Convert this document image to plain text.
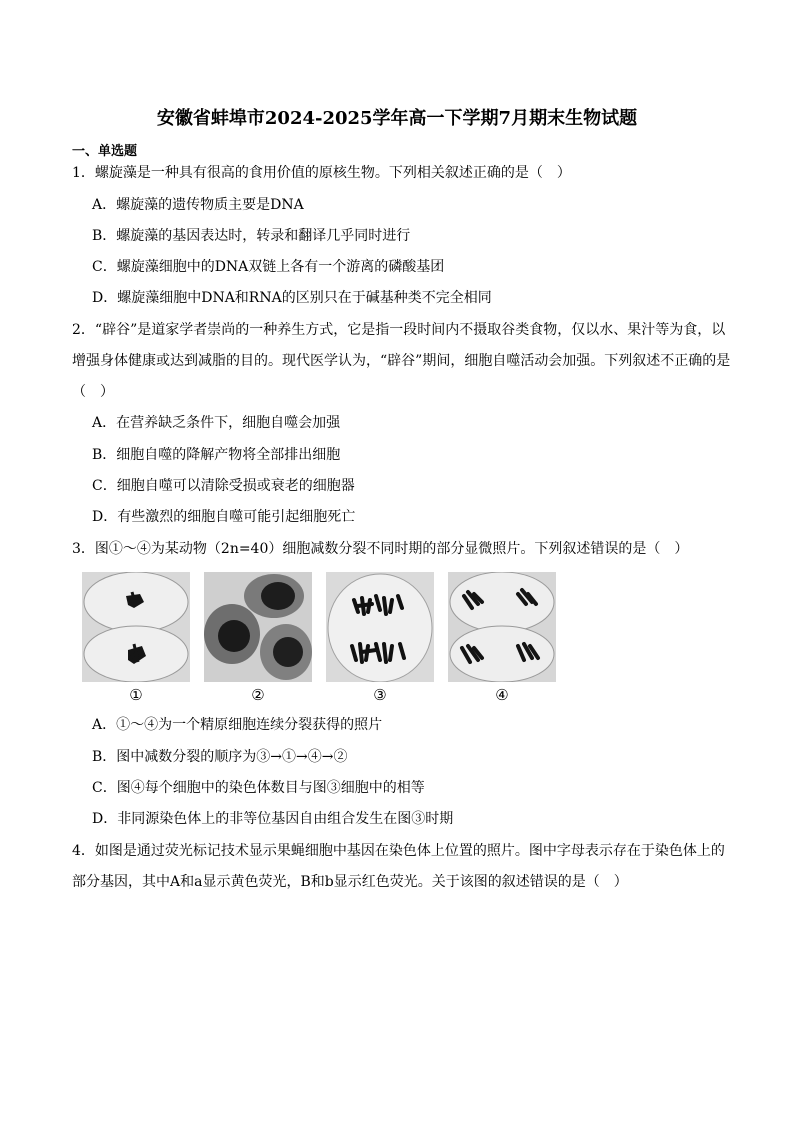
安徽省蚌埠市2024-2025学年高一下学期7月期末生物试题
一、单选题
1．螺旋藻是一种具有很高的食用价值的原核生物。下列相关叙述正确的是（　）
A．螺旋藻的遗传物质主要是DNA
B．螺旋藻的基因表达时，转录和翻译几乎同时进行
C．螺旋藻细胞中的DNA双链上各有一个游离的磷酸基团
D．螺旋藻细胞中DNA和RNA的区别只在于碱基种类不完全相同
2．“辟谷”是道家学者崇尚的一种养生方式，它是指一段时间内不摄取谷类食物，仅以水、果汁等为食，以
增强身体健康或达到减脂的目的。现代医学认为，“辟谷”期间，细胞自噬活动会加强。下列叙述不正确的是
（　）
A．在营养缺乏条件下，细胞自噬会加强
B．细胞自噬的降解产物将全部排出细胞
C．细胞自噬可以清除受损或衰老的细胞器
D．有些激烈的细胞自噬可能引起细胞死亡
3．图①～④为某动物（2n=40）细胞减数分裂不同时期的部分显微照片。下列叙述错误的是（　）
①	②	③	④
A．①～④为一个精原细胞连续分裂获得的照片
B．图中减数分裂的顺序为③→①→④→②
C．图④每个细胞中的染色体数目与图③细胞中的相等
D．非同源染色体上的非等位基因自由组合发生在图③时期
4．如图是通过荧光标记技术显示果蝇细胞中基因在染色体上位置的照片。图中字母表示存在于染色体上的
部分基因，其中A和a显示黄色荧光，B和b显示红色荧光。关于该图的叙述错误的是（　）
